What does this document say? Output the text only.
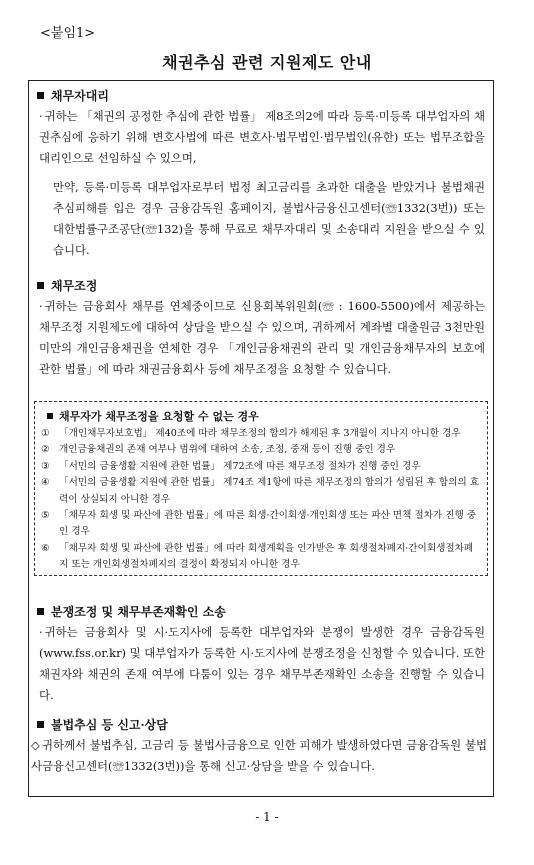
<붙임1>
채권추심 관련 지원제도 안내
채무자대리
· 귀하는 「채권의 공정한 추심에 관한 법률」 제8조의2에 따라 등록·미등록 대부업자의 채권추심에 응하기 위해 변호사법에 따른 변호사·법무법인·법무법인(유한) 또는 법무조합을 대리인으로 선임하실 수 있으며,
만약, 등록·미등록 대부업자로부터 법정 최고금리를 초과한 대출을 받았거나 불법채권추심피해를 입은 경우 금융감독원 홈페이지, 불법사금융신고센터(☏1332(3번)) 또는 대한법률구조공단(☏132)을 통해 무료로 채무자대리 및 소송대리 지원을 받으실 수 있습니다.
채무조정
· 귀하는 금융회사 채무를 연체중이므로 신용회복위원회(☏ : 1600-5500)에서 제공하는 채무조정 지원제도에 대하여 상담을 받으실 수 있으며, 귀하께서 계좌별 대출원금 3천만원 미만의 개인금융채권을 연체한 경우 「개인금융채권의 관리 및 개인금융채무자의 보호에 관한 법률」에 따라 채권금융회사 등에 채무조정을 요청할 수 있습니다.
채무자가 채무조정을 요청할 수 없는 경우
① 「개인채무자보호법」 제40조에 따라 채무조정의 합의가 해제된 후 3개월이 지나지 아니한 경우
② 개인금융채권의 존재 여부나 범위에 대하여 소송, 조정, 중재 등이 진행 중인 경우
③ 「서민의 금융생활 지원에 관한 법률」 제72조에 따른 채무조정 절차가 진행 중인 경우
④ 「서민의 금융생활 지원에 관한 법률」 제74조 제1항에 따른 채무조정의 합의가 성립된 후 합의의 효력이 상실되지 아니한 경우
⑤ 「채무자 회생 및 파산에 관한 법률」에 따른 회생·간이회생·개인회생 또는 파산 면책 절차가 진행 중인 경우
⑥ 「채무자 회생 및 파산에 관한 법률」에 따라 회생계획을 인가받은 후 회생절차폐지·간이회생절차폐지 또는 개인회생절차폐지의 결정이 확정되지 아니한 경우
분쟁조정 및 채무부존재확인 소송
· 귀하는 금융회사 및 시·도지사에 등록한 대부업자와 분쟁이 발생한 경우 금융감독원(www.fss.or.kr) 및 대부업자가 등록한 시·도지사에 분쟁조정을 신청할 수 있습니다. 또한 채권자와 채권의 존재 여부에 다툼이 있는 경우 채무부존재확인 소송을 진행할 수 있습니다.
불법추심 등 신고·상담
◇ 귀하께서 불법추심, 고금리 등 불법사금융으로 인한 피해가 발생하였다면 금융감독원 불법사금융신고센터(☏1332(3번))을 통해 신고·상담을 받을 수 있습니다.
- 1 -
